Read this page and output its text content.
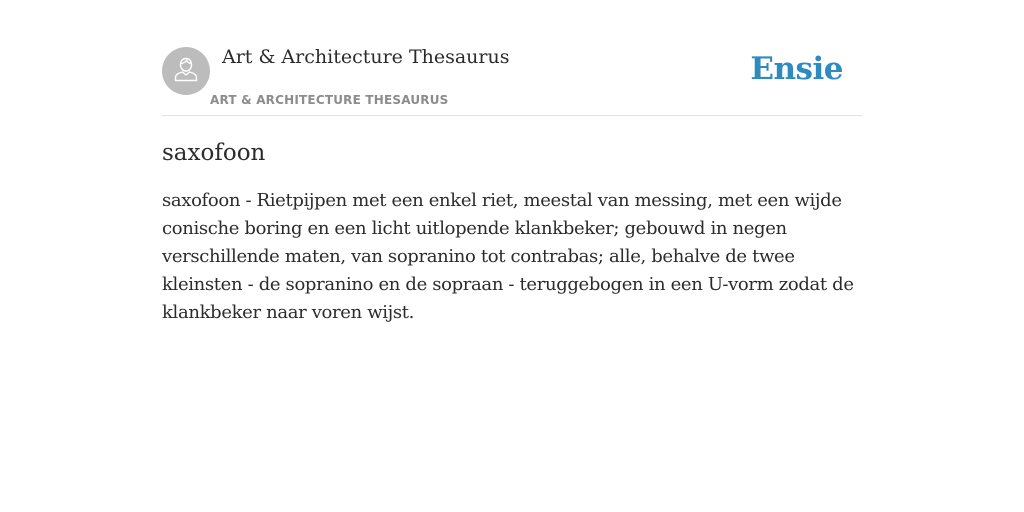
Art & Architecture Thesaurus
ART & ARCHITECTURE THESAURUS
Ensie
saxofoon

saxofoon - Rietpijpen met een enkel riet, meestal van messing, met een wijde conische boring en een licht uitlopende klankbeker; gebouwd in negen verschillende maten, van sopranino tot contrabas; alle, behalve de twee kleinsten - de sopranino en de sopraan - teruggebogen in een U-vorm zodat de klankbeker naar voren wijst.
